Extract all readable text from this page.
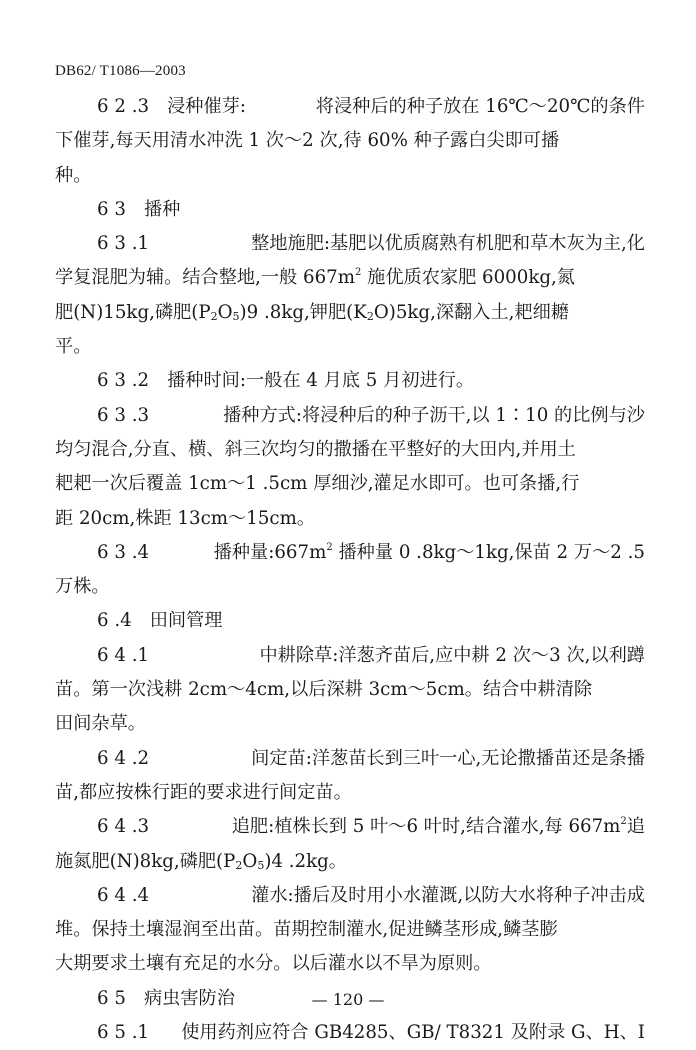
DB62/ T1086—2003
6 2 .3 浸种催芽:	将浸种后的种子放在 16℃～20℃的条件
下催芽,每天用清水冲洗 1 次～2 次,待 60% 种子露白尖即可播
种。
6 3 播种
6 3 .1	整地施肥:基肥以优质腐熟有机肥和草木灰为主,化
学复混肥为辅。结合整地,一般 $667m^2$ 施优质农家肥 6000kg,氮
肥(N)15kg,磷肥$(P_2O_5)9$ .8kg,钾肥$(K_2O)5kg$,深翻入土,耙细耱
平。
6 3 .2 播种时间:一般在 4 月底 5 月初进行。
6 3 .3	播种方式:将浸种后的种子沥干,以 1∶10 的比例与沙
均匀混合,分直、横、斜三次均匀的撒播在平整好的大田内,并用土
耙耙一次后覆盖 1cm～1 .5cm 厚细沙,灌足水即可。也可条播,行
距 20cm,株距 13cm～15cm。
6 3 .4	播种量$:667m^2$ 播种量 0 .8kg～1kg,保苗 2 万～2 .5
万株。
6 .4 田间管理
6 4 .1	中耕除草:洋葱齐苗后,应中耕 2 次～3 次,以利蹲
苗。第一次浅耕 2cm～4cm,以后深耕 3cm～5cm。结合中耕清除
田间杂草。
6 4 .2	间定苗:洋葱苗长到三叶一心,无论撒播苗还是条播
苗,都应按株行距的要求进行间定苗。
6 4 .3	追肥:植株长到 5 叶～6 叶时,结合灌水,每 $667m^2$追
施氮肥(N)8kg,磷肥$(P_2O_5)4$ .2kg。
6 4 .4	灌水:播后及时用小水灌溉,以防大水将种子冲击成
堆。保持土壤湿润至出苗。苗期控制灌水,促进鳞茎形成,鳞茎膨
大期要求土壤有充足的水分。以后灌水以不旱为原则。
6 5 病虫害防治
6 5 .1 使用药剂应符合 GB4285、GB/ T8321 及附录 G、H、I
— 120 —
